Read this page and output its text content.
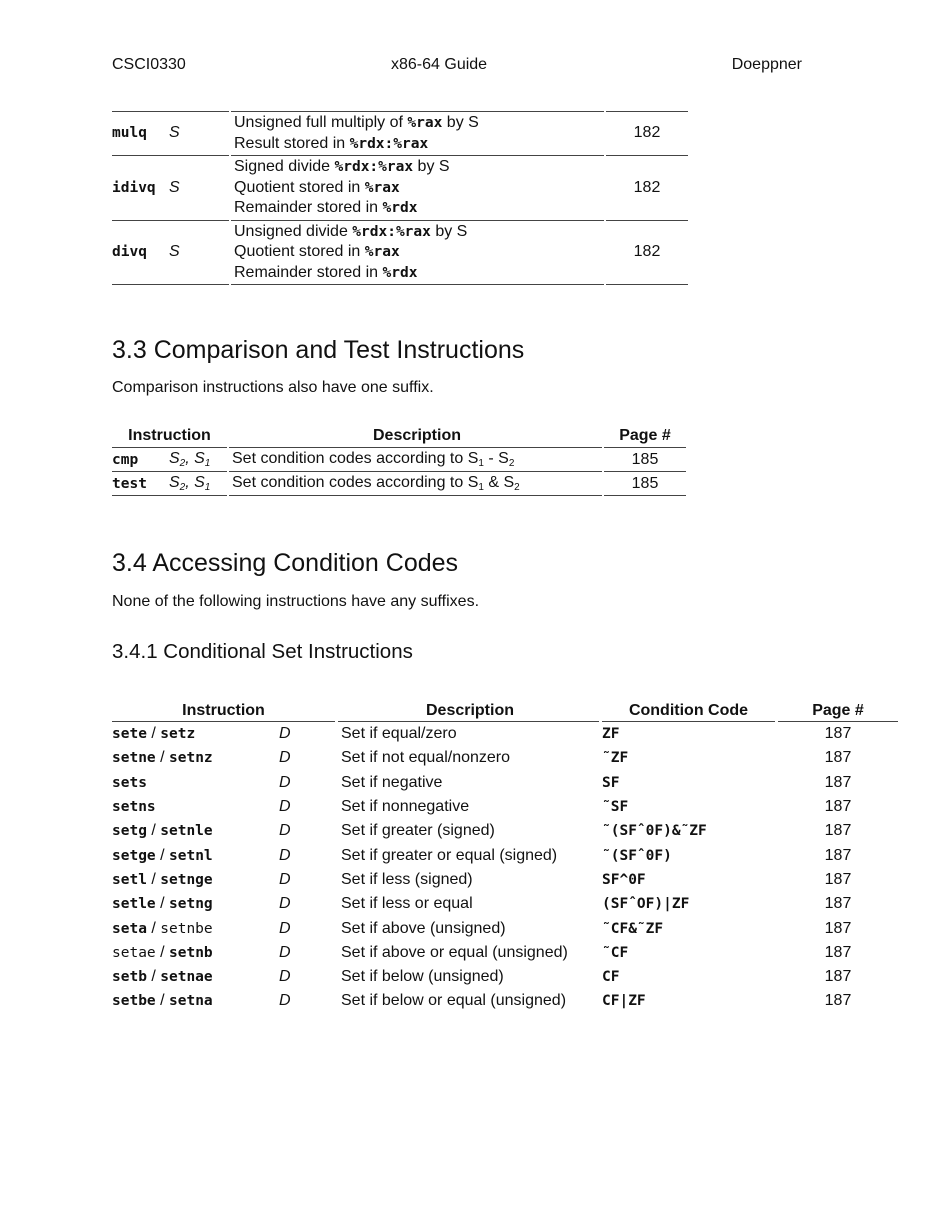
CSCI0330	x86-64 Guide	Doeppner
mulq	S	Unsigned full multiply of %rax by S
Result stored in %rdx:%rax	182
idivq	S	Signed divide %rdx:%rax by S
Quotient stored in %rax
Remainder stored in %rdx	182
divq	S	Unsigned divide %rdx:%rax by S
Quotient stored in %rax
Remainder stored in %rdx	182
3.3 Comparison and Test Instructions

Comparison instructions also have one suffix.

Instruction		Description	Page #
cmp	$S_2$, $S_1$	Set condition codes according to $S_1 - S_2$	185
test	$S_2$, $S_1$	Set condition codes according to $S_1$ & $S_2$	185
3.4 Accessing Condition Codes

None of the following instructions have any suffixes.

3.4.1 Conditional Set Instructions
Instruction		Description	Condition Code	Page #
sete / setz	D	Set if equal/zero	ZF	187
setne / setnz	D	Set if not equal/nonzero	˜ZF	187
sets	D	Set if negative	SF	187
setns	D	Set if nonnegative	˜SF	187
setg / setnle	D	Set if greater (signed)	˜(SFˆ0F)&˜ZF	187
setge / setnl	D	Set if greater or equal (signed)	˜(SFˆ0F)	187
setl / setnge	D	Set if less (signed)	SF^0F	187
setle / setng	D	Set if less or equal	(SFˆOF)|ZF	187
seta / setnbe	D	Set if above (unsigned)	˜CF&˜ZF	187
setae / setnb	D	Set if above or equal (unsigned)	˜CF	187
setb / setnae	D	Set if below (unsigned)	CF	187
setbe / setna	D	Set if below or equal (unsigned)	CF|ZF	187
